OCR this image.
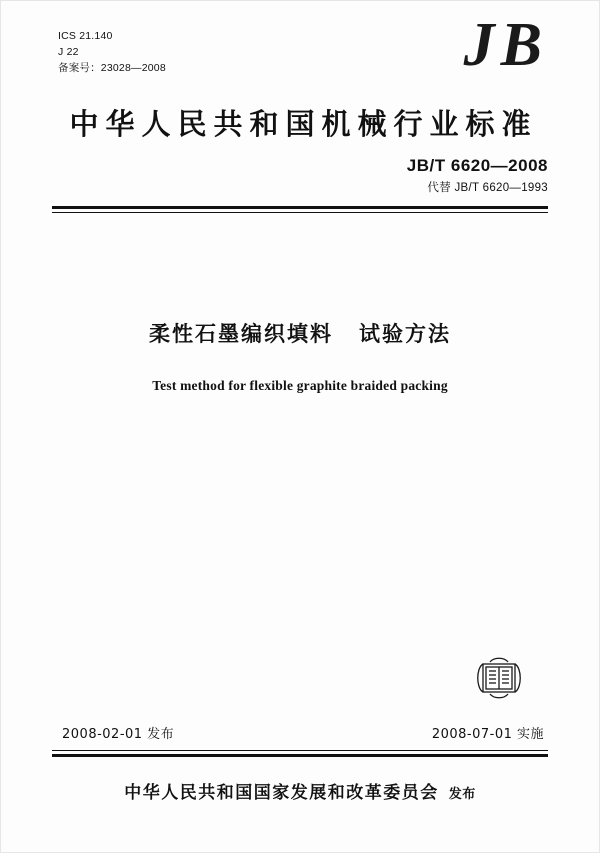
ICS 21.140
J 22
备案号：23028—2008	JB
中华人民共和国机械行业标准
JB/T 6620—2008
代替 JB/T 6620—1993
柔性石墨编织填料 试验方法
Test method for flexible graphite braided packing
2008-02-01 发布	2008-07-01 实施
中华人民共和国国家发展和改革委员会 发布
